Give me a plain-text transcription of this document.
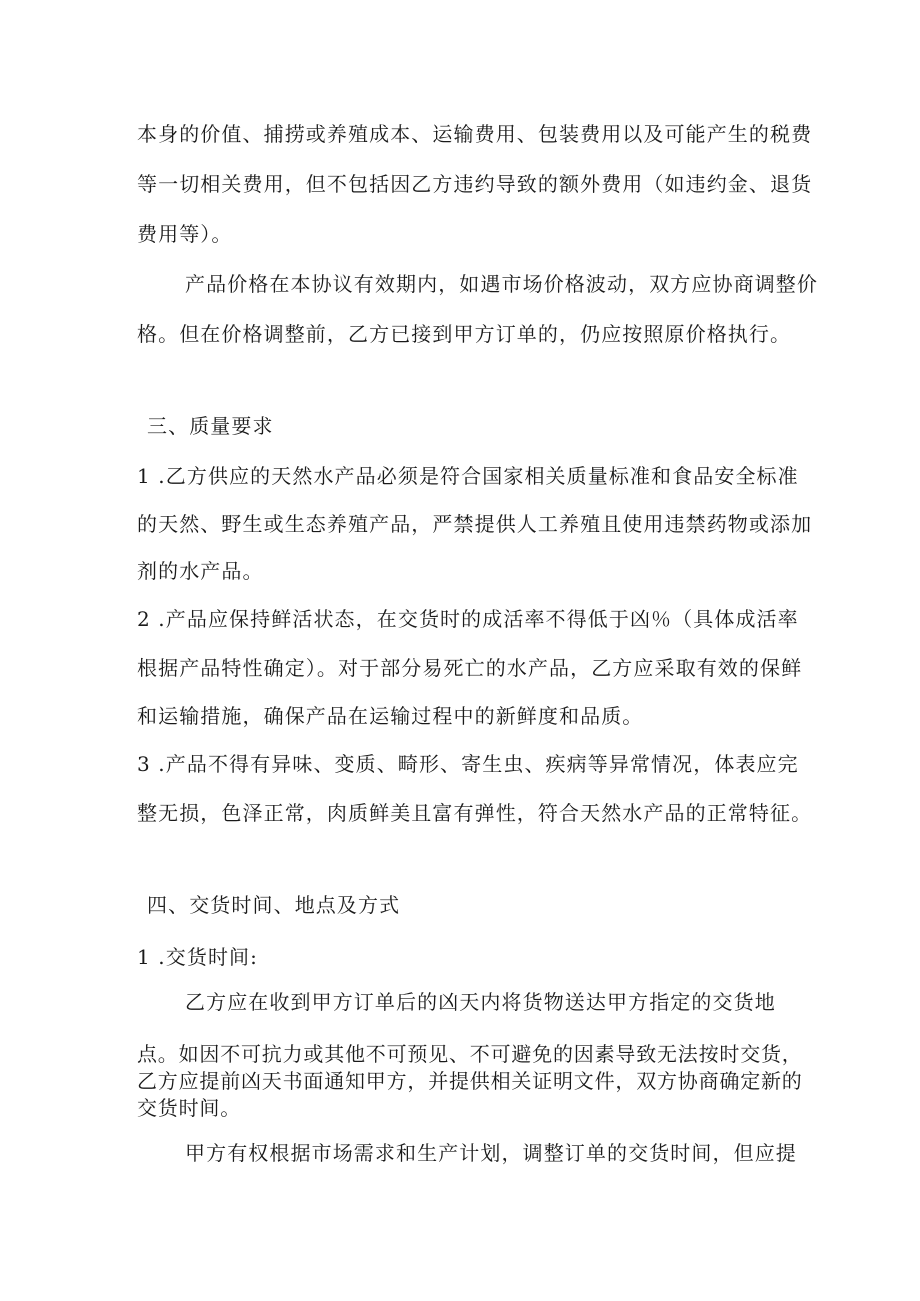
本身的价值、捕捞或养殖成本、运输费用、包装费用以及可能产生的税费
等一切相关费用，但不包括因乙方违约导致的额外费用（如违约金、退货
费用等）。
产品价格在本协议有效期内，如遇市场价格波动，双方应协商调整价
格。但在价格调整前，乙方已接到甲方订单的，仍应按照原价格执行。
三、质量要求
1 .乙方供应的天然水产品必须是符合国家相关质量标准和食品安全标准
的天然、野生或生态养殖产品，严禁提供人工养殖且使用违禁药物或添加
剂的水产品。
2 .产品应保持鲜活状态，在交货时的成活率不得低于凶％（具体成活率
根据产品特性确定）。对于部分易死亡的水产品，乙方应采取有效的保鲜
和运输措施，确保产品在运输过程中的新鲜度和品质。
3 .产品不得有异味、变质、畸形、寄生虫、疾病等异常情况，体表应完
整无损，色泽正常，肉质鲜美且富有弹性，符合天然水产品的正常特征。
四、交货时间、地点及方式
1 .交货时间:
乙方应在收到甲方订单后的凶天内将货物送达甲方指定的交货地
点。如因不可抗力或其他不可预见、不可避免的因素导致无法按时交货，
乙方应提前凶天书面通知甲方，并提供相关证明文件，双方协商确定新的
交货时间。
甲方有权根据市场需求和生产计划，调整订单的交货时间，但应提
